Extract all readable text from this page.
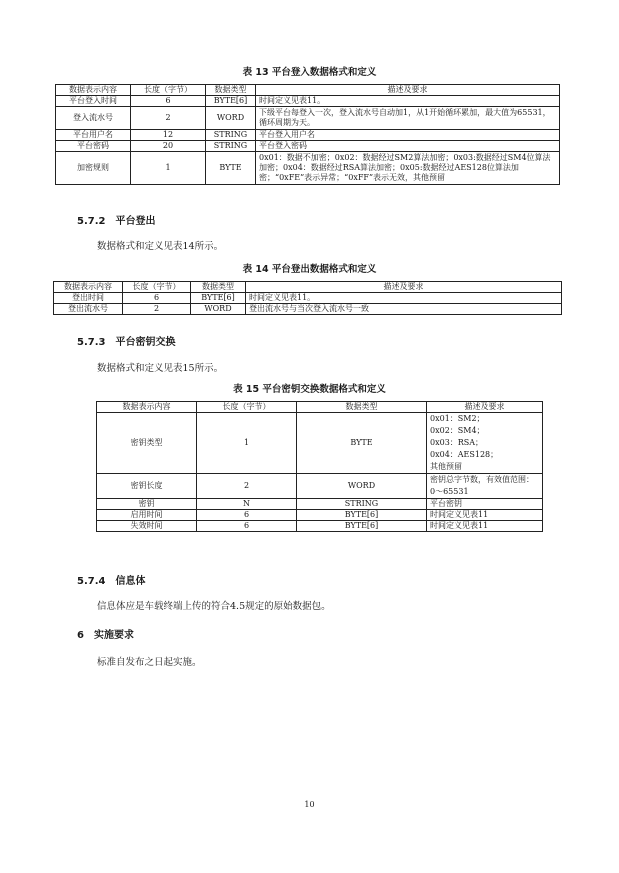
表 13 平台登入数据格式和定义
数据表示内容	长度（字节）	数据类型	描述及要求
平台登入时间	6	BYTE[6]	时间定义见表11。
登入流水号	2	WORD	下级平台每登入一次，登入流水号自动加1，从1开始循环累加，最大值为65531，循环周期为天。
平台用户名	12	STRING	平台登入用户名
平台密码	20	STRING	平台登入密码
加密规则	1	BYTE	0x01：数据不加密；0x02：数据经过SM2算法加密；0x03:数据经过SM4位算法加密；0x04：数据经过RSA算法加密；0x05:数据经过AES128位算法加密；“0xFE”表示异常；“0xFF”表示无效，其他预留
5.7.2　平台登出
数据格式和定义见表14所示。
表 14 平台登出数据格式和定义
数据表示内容	长度（字节）	数据类型	描述及要求
登出时间	6	BYTE[6]	时间定义见表11。
登出流水号	2	WORD	登出流水号与当次登入流水号一致
5.7.3　平台密钥交换
数据格式和定义见表15所示。
表 15 平台密钥交换数据格式和定义
数据表示内容	长度（字节）	数据类型	描述及要求
密钥类型	1	BYTE	0x01：SM2；
0x02：SM4；
0x03：RSA；
0x04：AES128；
其他预留

密钥长度	2	WORD	密钥总字节数，有效值范围：0～65531
密钥	N	STRING	平台密钥
启用时间	6	BYTE[6]	时间定义见表11
失效时间	6	BYTE[6]	时间定义见表11
5.7.4　信息体
信息体应是车载终端上传的符合4.5规定的原始数据包。
6　实施要求
标准自发布之日起实施。
10
